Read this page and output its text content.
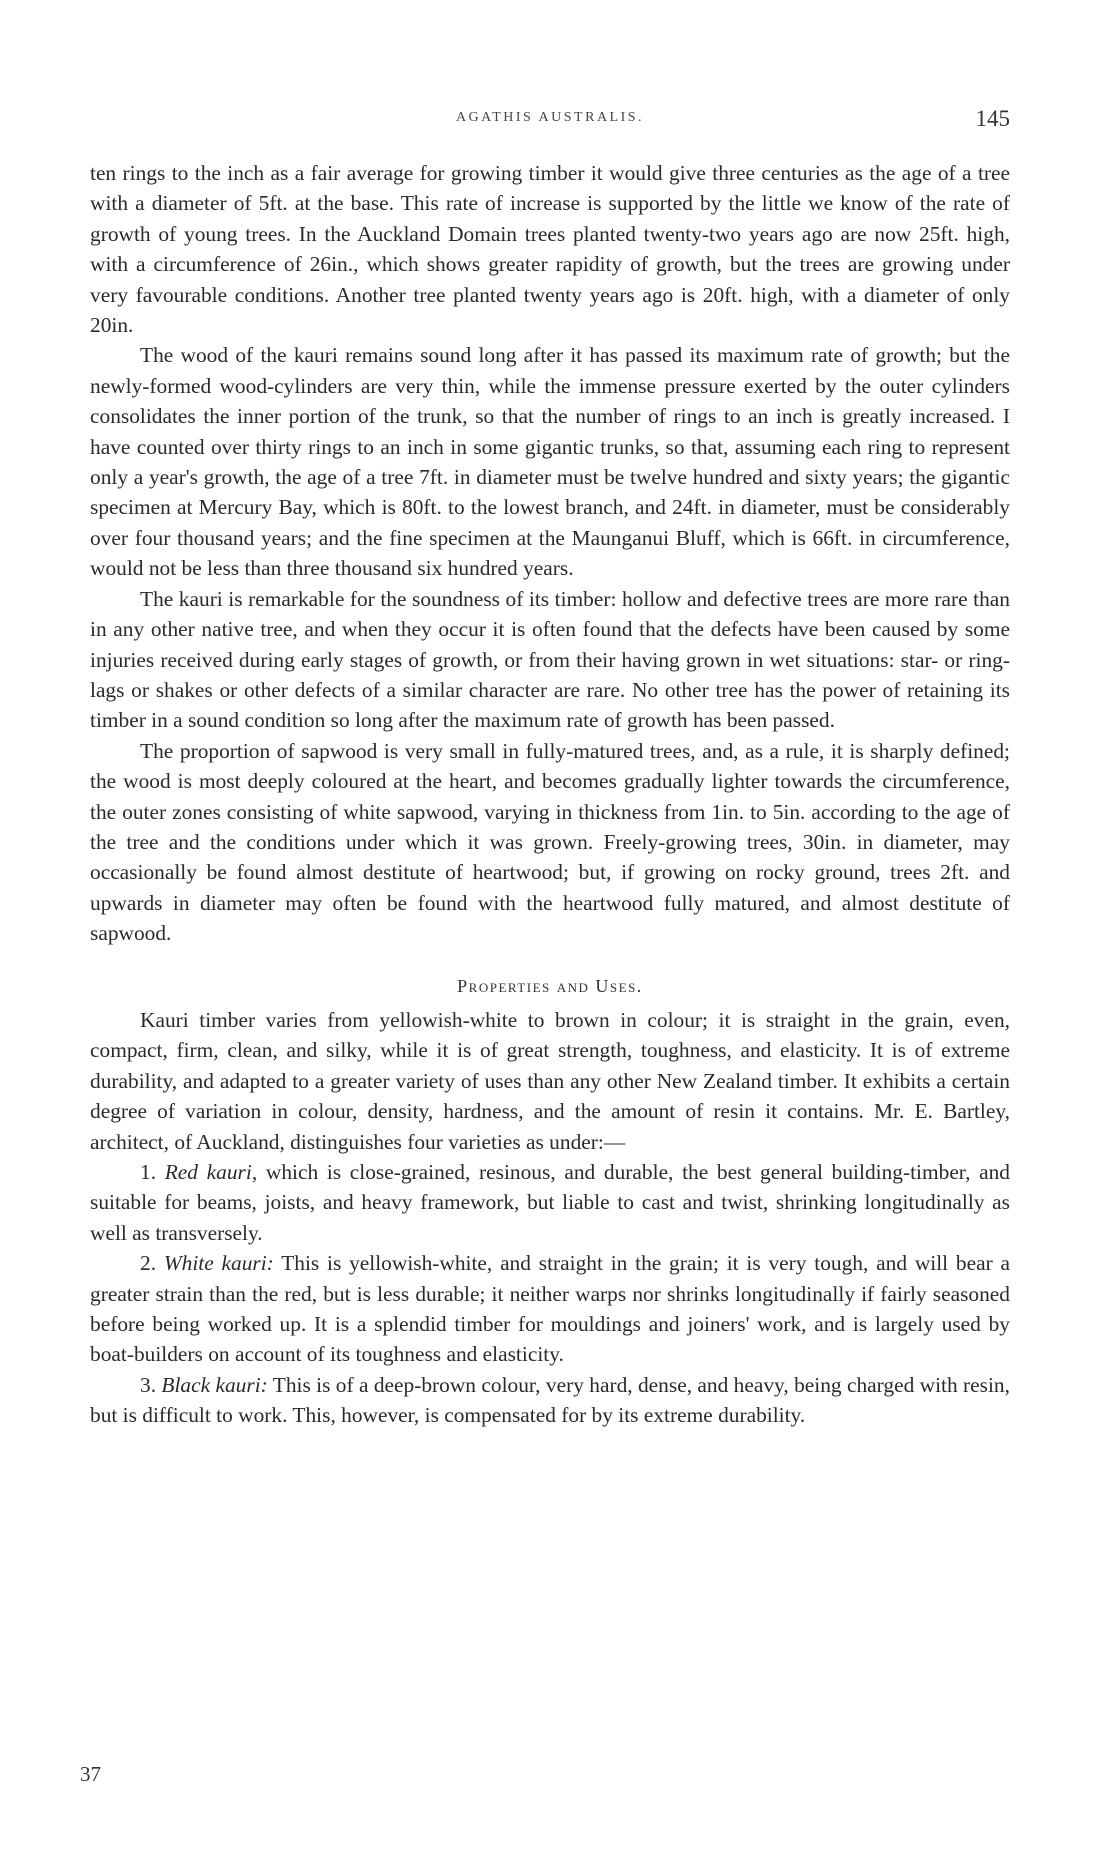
AGATHIS AUSTRALIS.	145

ten rings to the inch as a fair average for growing timber it would give three centuries as the age of a tree with a diameter of 5ft. at the base. This rate of increase is supported by the little we know of the rate of growth of young trees. In the Auckland Domain trees planted twenty-two years ago are now 25ft. high, with a circumference of 26in., which shows greater rapidity of growth, but the trees are growing under very favourable conditions. Another tree planted twenty years ago is 20ft. high, with a diameter of only 20in.

The wood of the kauri remains sound long after it has passed its maximum rate of growth; but the newly-formed wood-cylinders are very thin, while the immense pressure exerted by the outer cylinders consolidates the inner portion of the trunk, so that the number of rings to an inch is greatly increased. I have counted over thirty rings to an inch in some gigantic trunks, so that, assuming each ring to represent only a year's growth, the age of a tree 7ft. in diameter must be twelve hundred and sixty years; the gigantic specimen at Mercury Bay, which is 80ft. to the lowest branch, and 24ft. in diameter, must be considerably over four thousand years; and the fine specimen at the Maunganui Bluff, which is 66ft. in circumference, would not be less than three thousand six hundred years.

The kauri is remarkable for the soundness of its timber: hollow and defective trees are more rare than in any other native tree, and when they occur it is often found that the defects have been caused by some injuries received during early stages of growth, or from their having grown in wet situations: star- or ring-lags or shakes or other defects of a similar character are rare. No other tree has the power of retaining its timber in a sound condition so long after the maximum rate of growth has been passed.

The proportion of sapwood is very small in fully-matured trees, and, as a rule, it is sharply defined; the wood is most deeply coloured at the heart, and becomes gradually lighter towards the circumference, the outer zones consisting of white sapwood, varying in thickness from 1in. to 5in. according to the age of the tree and the conditions under which it was grown. Freely-growing trees, 30in. in diameter, may occasionally be found almost destitute of heartwood; but, if growing on rocky ground, trees 2ft. and upwards in diameter may often be found with the heartwood fully matured, and almost destitute of sapwood.

Properties and Uses.

Kauri timber varies from yellowish-white to brown in colour; it is straight in the grain, even, compact, firm, clean, and silky, while it is of great strength, toughness, and elasticity. It is of extreme durability, and adapted to a greater variety of uses than any other New Zealand timber. It exhibits a certain degree of variation in colour, density, hardness, and the amount of resin it contains. Mr. E. Bartley, architect, of Auckland, distinguishes four varieties as under:—

1. Red kauri, which is close-grained, resinous, and durable, the best general building-timber, and suitable for beams, joists, and heavy framework, but liable to cast and twist, shrinking longitudinally as well as transversely.

2. White kauri: This is yellowish-white, and straight in the grain; it is very tough, and will bear a greater strain than the red, but is less durable; it neither warps nor shrinks longitudinally if fairly seasoned before being worked up. It is a splendid timber for mouldings and joiners' work, and is largely used by boat-builders on account of its toughness and elasticity.

3. Black kauri: This is of a deep-brown colour, very hard, dense, and heavy, being charged with resin, but is difficult to work. This, however, is compensated for by its extreme durability.

37
